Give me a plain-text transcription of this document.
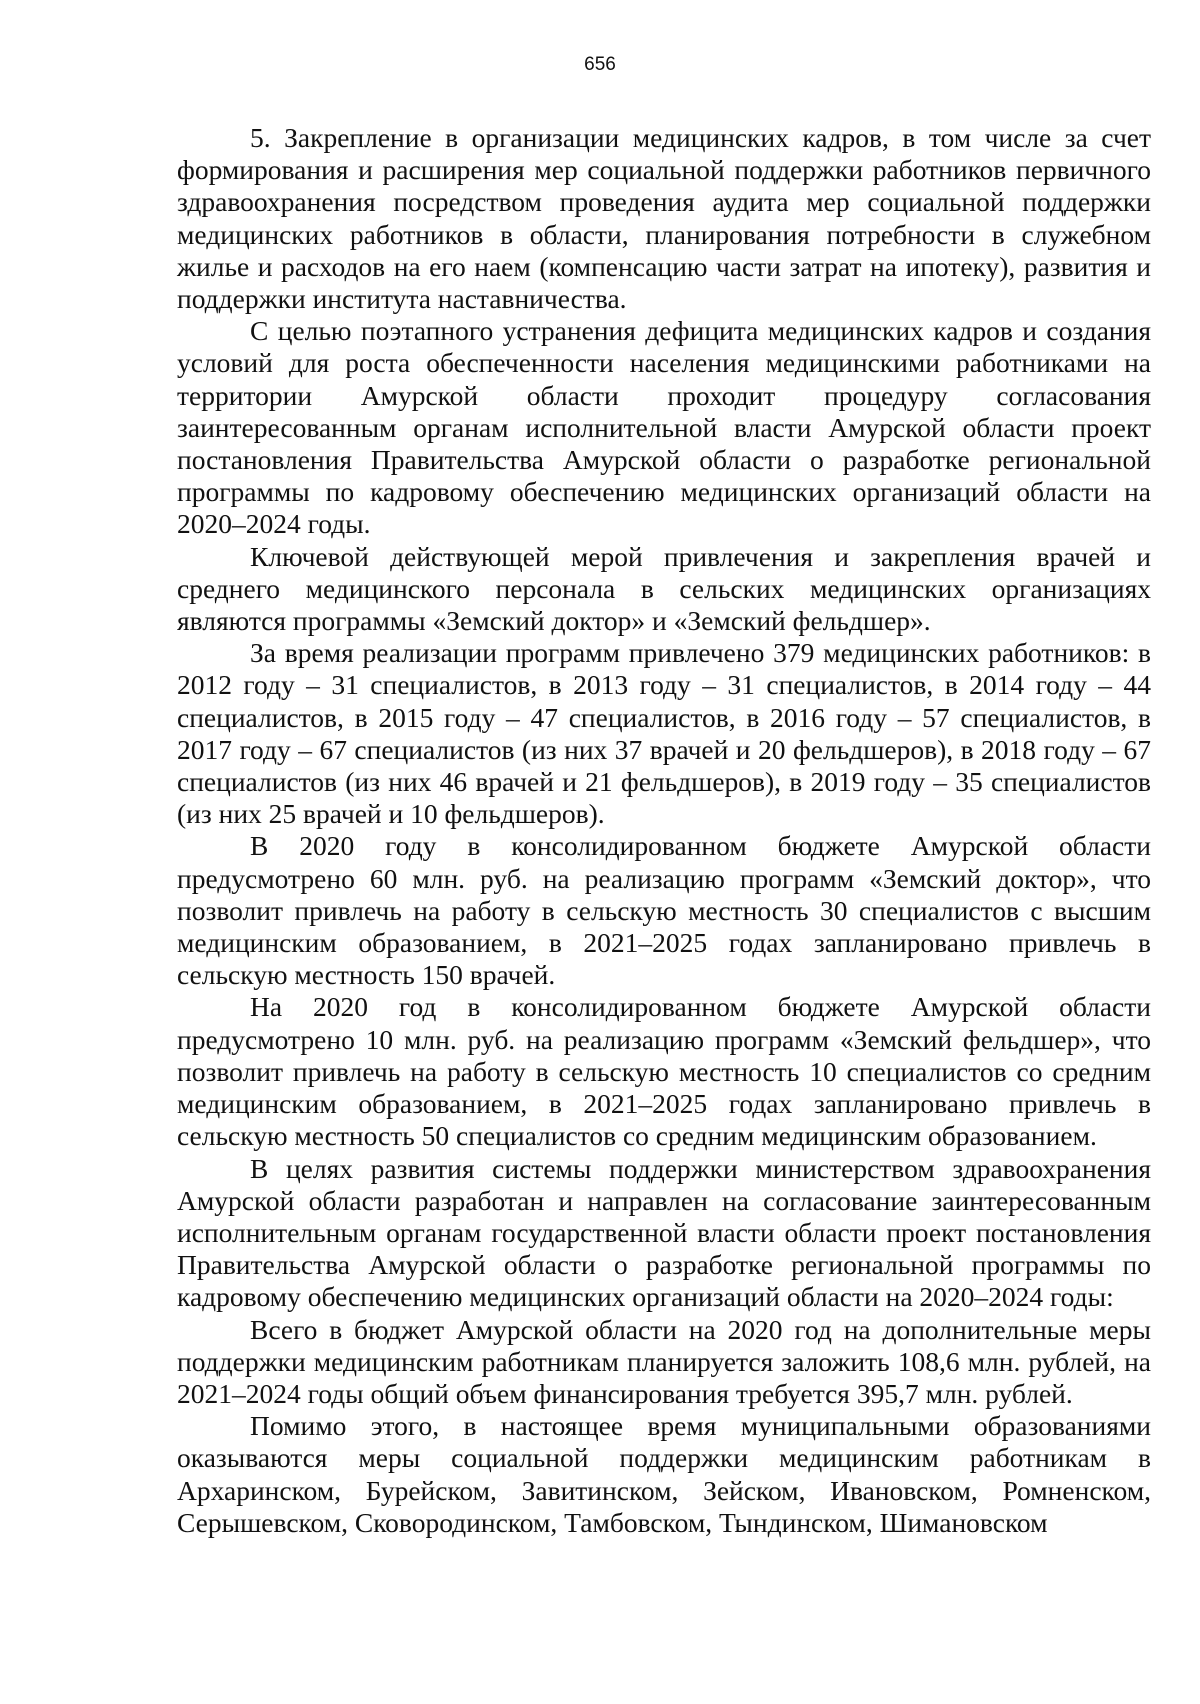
656

5. Закрепление в организации медицинских кадров, в том числе за счет формирования и расширения мер социальной поддержки работников первичного здравоохранения посредством проведения аудита мер социальной поддержки медицинских работников в области, планирования потребности в служебном жилье и расходов на его наем (компенсацию части затрат на ипотеку), развития и поддержки института наставничества.

С целью поэтапного устранения дефицита медицинских кадров и создания условий для роста обеспеченности населения медицинскими работниками на территории Амурской области проходит процедуру согласования заинтересованным органам исполнительной власти Амурской области проект постановления Правительства Амурской области о разработке региональной программы по кадровому обеспечению медицинских организаций области на 2020–2024 годы.

Ключевой действующей мерой привлечения и закрепления врачей и среднего медицинского персонала в сельских медицинских организациях являются программы «Земский доктор» и «Земский фельдшер».

За время реализации программ привлечено 379 медицинских работников: в 2012 году – 31 специалистов, в 2013 году – 31 специалистов, в 2014 году – 44 специалистов, в 2015 году – 47 специалистов, в 2016 году – 57 специалистов, в 2017 году – 67 специалистов (из них 37 врачей и 20 фельдшеров), в 2018 году – 67 специалистов (из них 46 врачей и 21 фельдшеров), в 2019 году – 35 специалистов (из них 25 врачей и 10 фельдшеров).

В 2020 году в консолидированном бюджете Амурской области предусмотрено 60 млн. руб. на реализацию программ «Земский доктор», что позволит привлечь на работу в сельскую местность 30 специалистов с высшим медицинским образованием, в 2021–2025 годах запланировано привлечь в сельскую местность 150 врачей.

На 2020 год в консолидированном бюджете Амурской области предусмотрено 10 млн. руб. на реализацию программ «Земский фельдшер», что позволит привлечь на работу в сельскую местность 10 специалистов со средним медицинским образованием, в 2021–2025 годах запланировано привлечь в сельскую местность 50 специалистов со средним медицинским образованием.

В целях развития системы поддержки министерством здравоохранения Амурской области разработан и направлен на согласование заинтересованным исполнительным органам государственной власти области проект постановления Правительства Амурской области о разработке региональной программы по кадровому обеспечению медицинских организаций области на 2020–2024 годы:

Всего в бюджет Амурской области на 2020 год на дополнительные меры поддержки медицинским работникам планируется заложить 108,6 млн. рублей, на 2021–2024 годы общий объем финансирования требуется 395,7 млн. рублей.

Помимо этого, в настоящее время муниципальными образованиями оказываются меры социальной поддержки медицинским работникам в Архаринском, Бурейском, Завитинском, Зейском, Ивановском, Ромненском, Серышевском, Сковородинском, Тамбовском, Тындинском, Шимановском
